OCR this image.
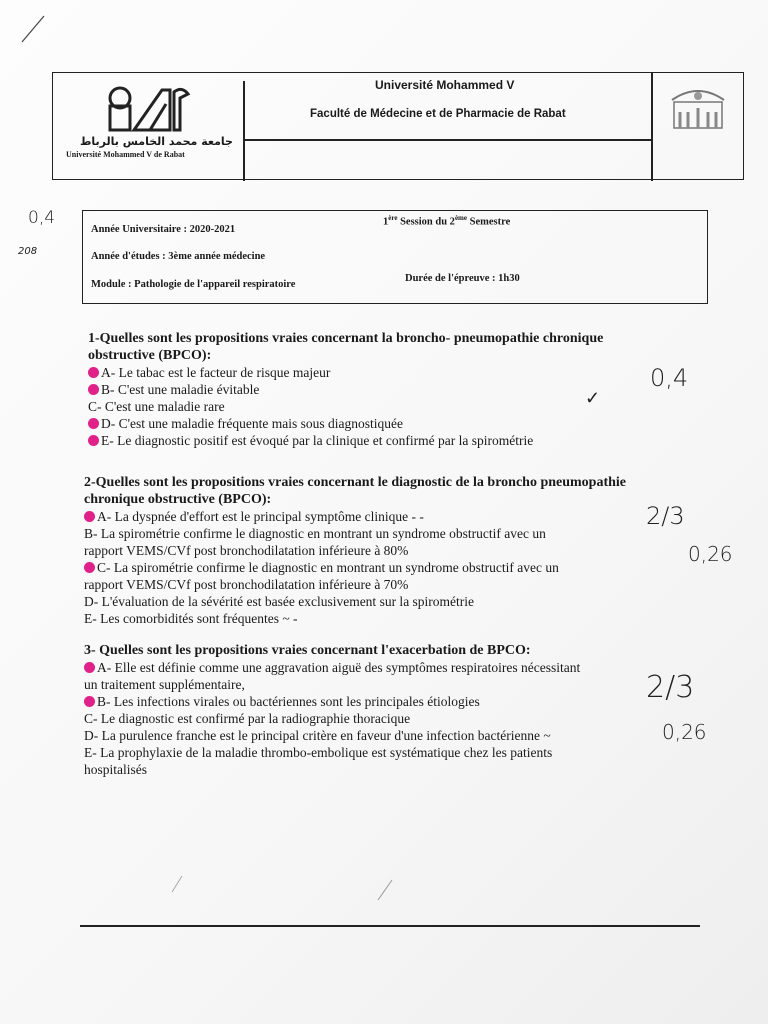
جامعة محمد الخامس بالرباط
Université Mohammed V de Rabat
Université Mohammed V
Faculté de Médecine et de Pharmacie de Rabat
Année Universitaire : 2020-2021
1ère Session du 2ème Semestre
Année d'études : 3ème année médecine
Module : Pathologie de l'appareil respiratoire
Durée de l'épreuve : 1h30
1-Quelles sont les propositions vraies concernant la broncho- pneumopathie chronique
obstructive (BPCO):
A- Le tabac est le facteur de risque majeur
B- C'est une maladie évitable
C- C'est une maladie rare
D- C'est une maladie fréquente mais sous diagnostiquée
E- Le diagnostic positif est évoqué par la clinique et confirmé par la spirométrie
2-Quelles sont les propositions vraies concernant le diagnostic de la broncho pneumopathie
chronique obstructive (BPCO):
A- La dyspnée d'effort est le principal symptôme clinique - -
B- La spirométrie confirme le diagnostic en montrant un syndrome obstructif avec un
rapport VEMS/CVf post bronchodilatation inférieure à 80%
C- La spirométrie confirme le diagnostic en montrant un syndrome obstructif avec un
rapport VEMS/CVf post bronchodilatation inférieure à 70%
D- L'évaluation de la sévérité est basée exclusivement sur la spirométrie
E- Les comorbidités sont fréquentes ~ -
3- Quelles sont les propositions vraies concernant l'exacerbation de BPCO:
A- Elle est définie comme une aggravation aiguë des symptômes respiratoires nécessitant
un traitement supplémentaire,
B- Les infections virales ou bactériennes sont les principales étiologies
C- Le diagnostic est confirmé par la radiographie thoracique
D- La purulence franche est le principal critère en faveur d'une infection bactérienne ~
E- La prophylaxie de la maladie thrombo-embolique est systématique chez les patients
hospitalisés
0,4
208
0,4
✓
2/3
0,26
2/3
0,26
